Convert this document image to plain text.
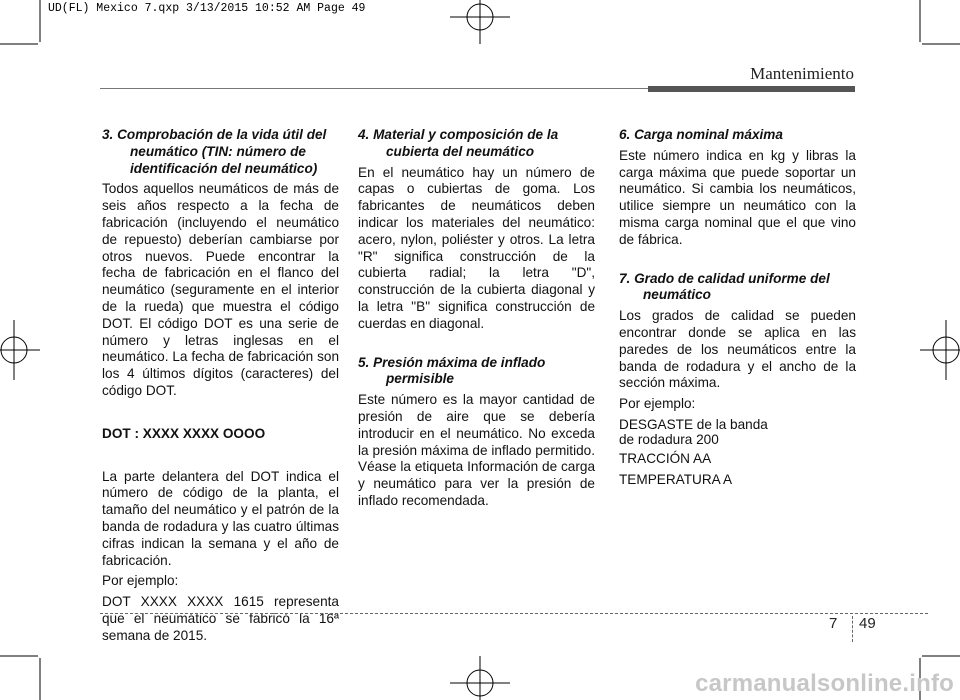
UD(FL) Mexico 7.qxp 3/13/2015 10:52 AM Page 49
Mantenimiento

3. Comprobación de la vida útil del neumático (TIN: número de identificación del neumático)

Todos aquellos neumáticos de más de seis años respecto a la fecha de fabricación (incluyendo el neumático de repuesto) deberían cambiarse por otros nuevos. Puede encontrar la fecha de fabricación en el flanco del neumático (seguramente en el interior de la rueda) que muestra el código DOT. El código DOT es una serie de número y letras inglesas en el neumático. La fecha de fabricación son los 4 últimos dígitos (caracteres) del código DOT.

DOT : XXXX XXXX OOOO

La parte delantera del DOT indica el número de código de la planta, el tamaño del neumático y el patrón de la banda de rodadura y las cuatro últimas cifras indican la semana y el año de fabricación.

Por ejemplo:

DOT XXXX XXXX 1615 representa que el neumático se fabricó la 16ª semana de 2015.

4. Material y composición de la cubierta del neumático

En el neumático hay un número de capas o cubiertas de goma. Los fabricantes de neumáticos deben indicar los materiales del neumático: acero, nylon, poliéster y otros. La letra "R" significa construcción de la cubierta radial; la letra "D", construcción de la cubierta diagonal y la letra "B" significa construcción de cuerdas en diagonal.

5. Presión máxima de inflado permisible

Este número es la mayor cantidad de presión de aire que se debería introducir en el neumático. No exceda la presión máxima de inflado permitido. Véase la etiqueta Información de carga y neumático para ver la presión de inflado recomendada.

6. Carga nominal máxima

Este número indica en kg y libras la carga máxima que puede soportar un neumático. Si cambia los neumáticos, utilice siempre un neumático con la misma carga nominal que el que vino de fábrica.

7. Grado de calidad uniforme del neumático

Los grados de calidad se pueden encontrar donde se aplica en las paredes de los neumáticos entre la banda de rodadura y el ancho de la sección máxima.

Por ejemplo:

DESGASTE de la banda

de rodadura 200

TRACCIÓN AA

TEMPERATURA A

7 49
carmanualsonline.info
